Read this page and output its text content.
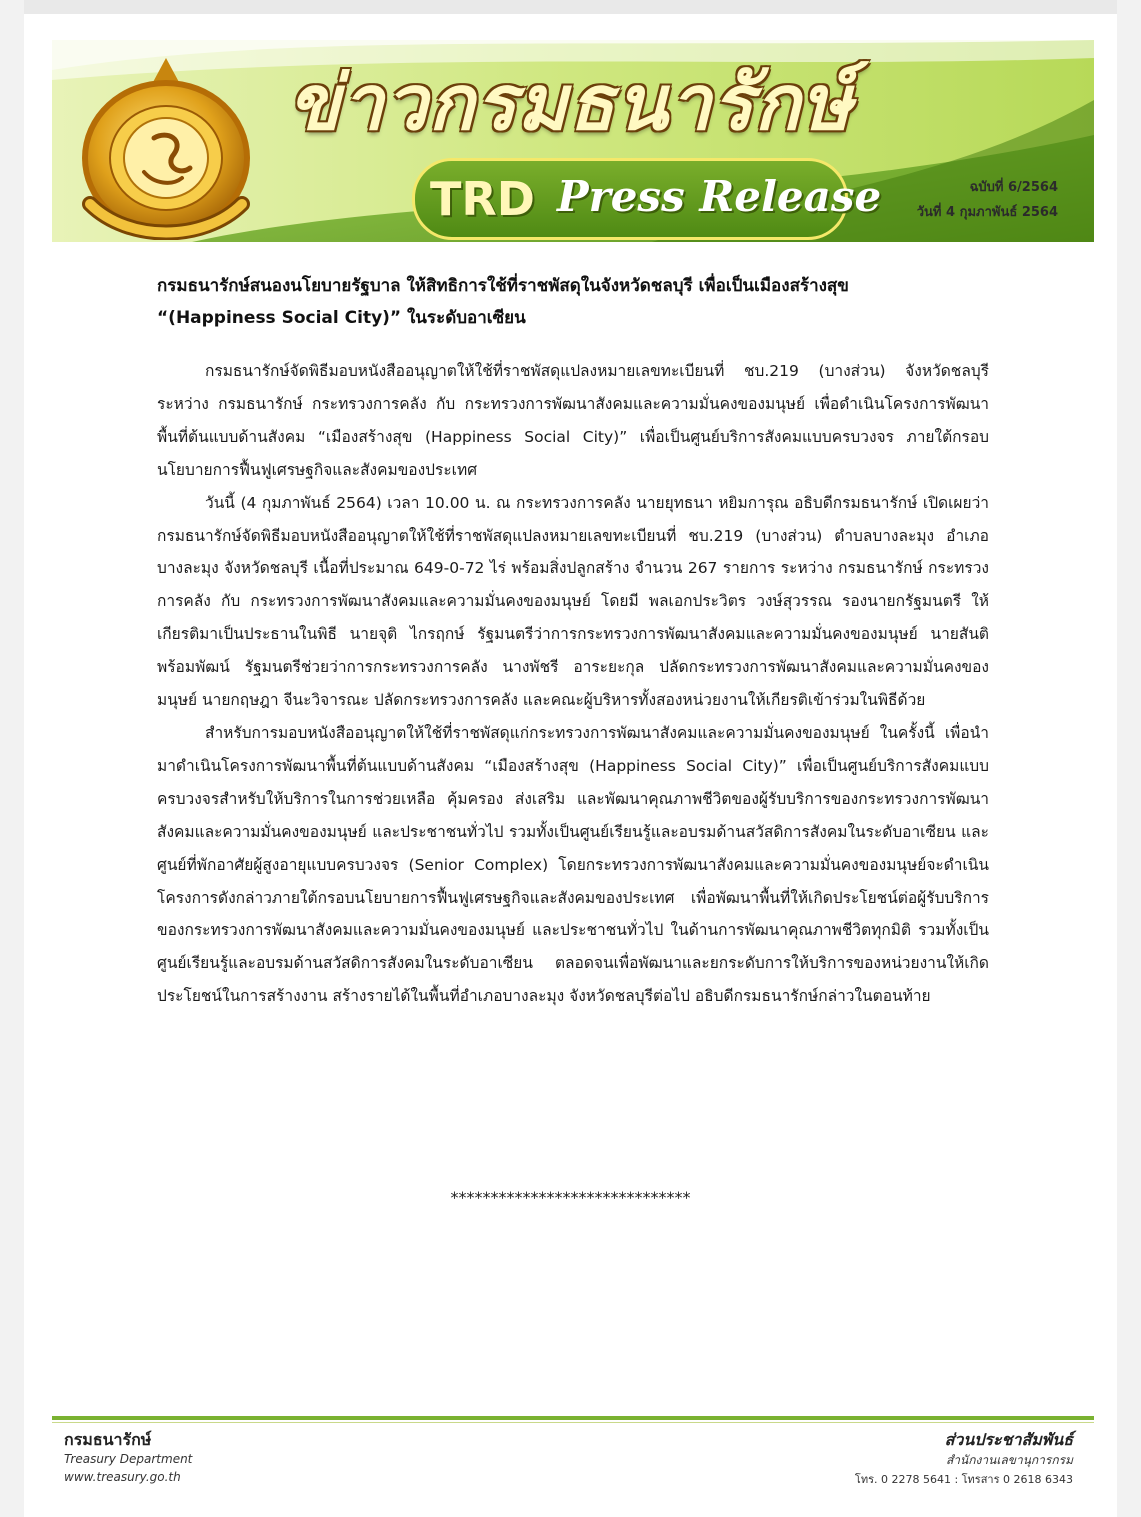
ข่าวกรมธนารักษ์
TRD Press Release	ฉบับที่ 6/2564
วันที่ 4 กุมภาพันธ์ 2564
กรมธนารักษ์สนองนโยบายรัฐบาล ให้สิทธิการใช้ที่ราชพัสดุในจังหวัดชลบุรี เพื่อเป็นเมืองสร้างสุข
“(Happiness Social City)” ในระดับอาเซียน

กรมธนารักษ์จัดพิธีมอบหนังสืออนุญาตให้ใช้ที่ราชพัสดุแปลงหมายเลขทะเบียนที่ ชบ.219 (บางส่วน) จังหวัดชลบุรี ระหว่าง กรมธนารักษ์ กระทรวงการคลัง กับ กระทรวงการพัฒนาสังคมและความมั่นคงของมนุษย์ เพื่อดำเนินโครงการพัฒนาพื้นที่ต้นแบบด้านสังคม “เมืองสร้างสุข (Happiness Social City)” เพื่อเป็นศูนย์บริการสังคมแบบครบวงจร ภายใต้กรอบนโยบายการฟื้นฟูเศรษฐกิจและสังคมของประเทศ

วันนี้ (4 กุมภาพันธ์ 2564) เวลา 10.00 น. ณ กระทรวงการคลัง นายยุทธนา หยิมการุณ อธิบดีกรมธนารักษ์ เปิดเผยว่ากรมธนารักษ์จัดพิธีมอบหนังสืออนุญาตให้ใช้ที่ราชพัสดุแปลงหมายเลขทะเบียนที่ ชบ.219 (บางส่วน) ตำบลบางละมุง อำเภอบางละมุง จังหวัดชลบุรี เนื้อที่ประมาณ 649-0-72 ไร่ พร้อมสิ่งปลูกสร้าง จำนวน 267 รายการ ระหว่าง กรมธนารักษ์ กระทรวงการคลัง กับ กระทรวงการพัฒนาสังคมและความมั่นคงของมนุษย์ โดยมี พลเอกประวิตร วงษ์สุวรรณ รองนายกรัฐมนตรี ให้เกียรติมาเป็นประธานในพิธี นายจุติ ไกรฤกษ์ รัฐมนตรีว่าการกระทรวงการพัฒนาสังคมและความมั่นคงของมนุษย์ นายสันติ พร้อมพัฒน์ รัฐมนตรีช่วยว่าการกระทรวงการคลัง นางพัชรี อาระยะกุล ปลัดกระทรวงการพัฒนาสังคมและความมั่นคงของมนุษย์ นายกฤษฎา จีนะวิจารณะ ปลัดกระทรวงการคลัง และคณะผู้บริหารทั้งสองหน่วยงานให้เกียรติเข้าร่วมในพิธีด้วย

สำหรับการมอบหนังสืออนุญาตให้ใช้ที่ราชพัสดุแก่กระทรวงการพัฒนาสังคมและความมั่นคงของมนุษย์ ในครั้งนี้ เพื่อนำมาดำเนินโครงการพัฒนาพื้นที่ต้นแบบด้านสังคม “เมืองสร้างสุข (Happiness Social City)” เพื่อเป็นศูนย์บริการสังคมแบบครบวงจรสำหรับให้บริการในการช่วยเหลือ คุ้มครอง ส่งเสริม และพัฒนาคุณภาพชีวิตของผู้รับบริการของกระทรวงการพัฒนาสังคมและความมั่นคงของมนุษย์ และประชาชนทั่วไป รวมทั้งเป็นศูนย์เรียนรู้และอบรมด้านสวัสดิการสังคมในระดับอาเซียน และศูนย์ที่พักอาศัยผู้สูงอายุแบบครบวงจร (Senior Complex) โดยกระทรวงการพัฒนาสังคมและความมั่นคงของมนุษย์จะดำเนินโครงการดังกล่าวภายใต้กรอบนโยบายการฟื้นฟูเศรษฐกิจและสังคมของประเทศ เพื่อพัฒนาพื้นที่ให้เกิดประโยชน์ต่อผู้รับบริการของกระทรวงการพัฒนาสังคมและความมั่นคงของมนุษย์ และประชาชนทั่วไป ในด้านการพัฒนาคุณภาพชีวิตทุกมิติ รวมทั้งเป็นศูนย์เรียนรู้และอบรมด้านสวัสดิการสังคมในระดับอาเซียน ตลอดจนเพื่อพัฒนาและยกระดับการให้บริการของหน่วยงานให้เกิดประโยชน์ในการสร้างงาน สร้างรายได้ในพื้นที่อำเภอบางละมุง จังหวัดชลบุรีต่อไป อธิบดีกรมธนารักษ์กล่าวในตอนท้าย

******************************
กรมธนารักษ์
Treasury Department
www.treasury.go.th
ส่วนประชาสัมพันธ์
สำนักงานเลขานุการกรม
โทร. 0 2278 5641 : โทรสาร 0 2618 6343
